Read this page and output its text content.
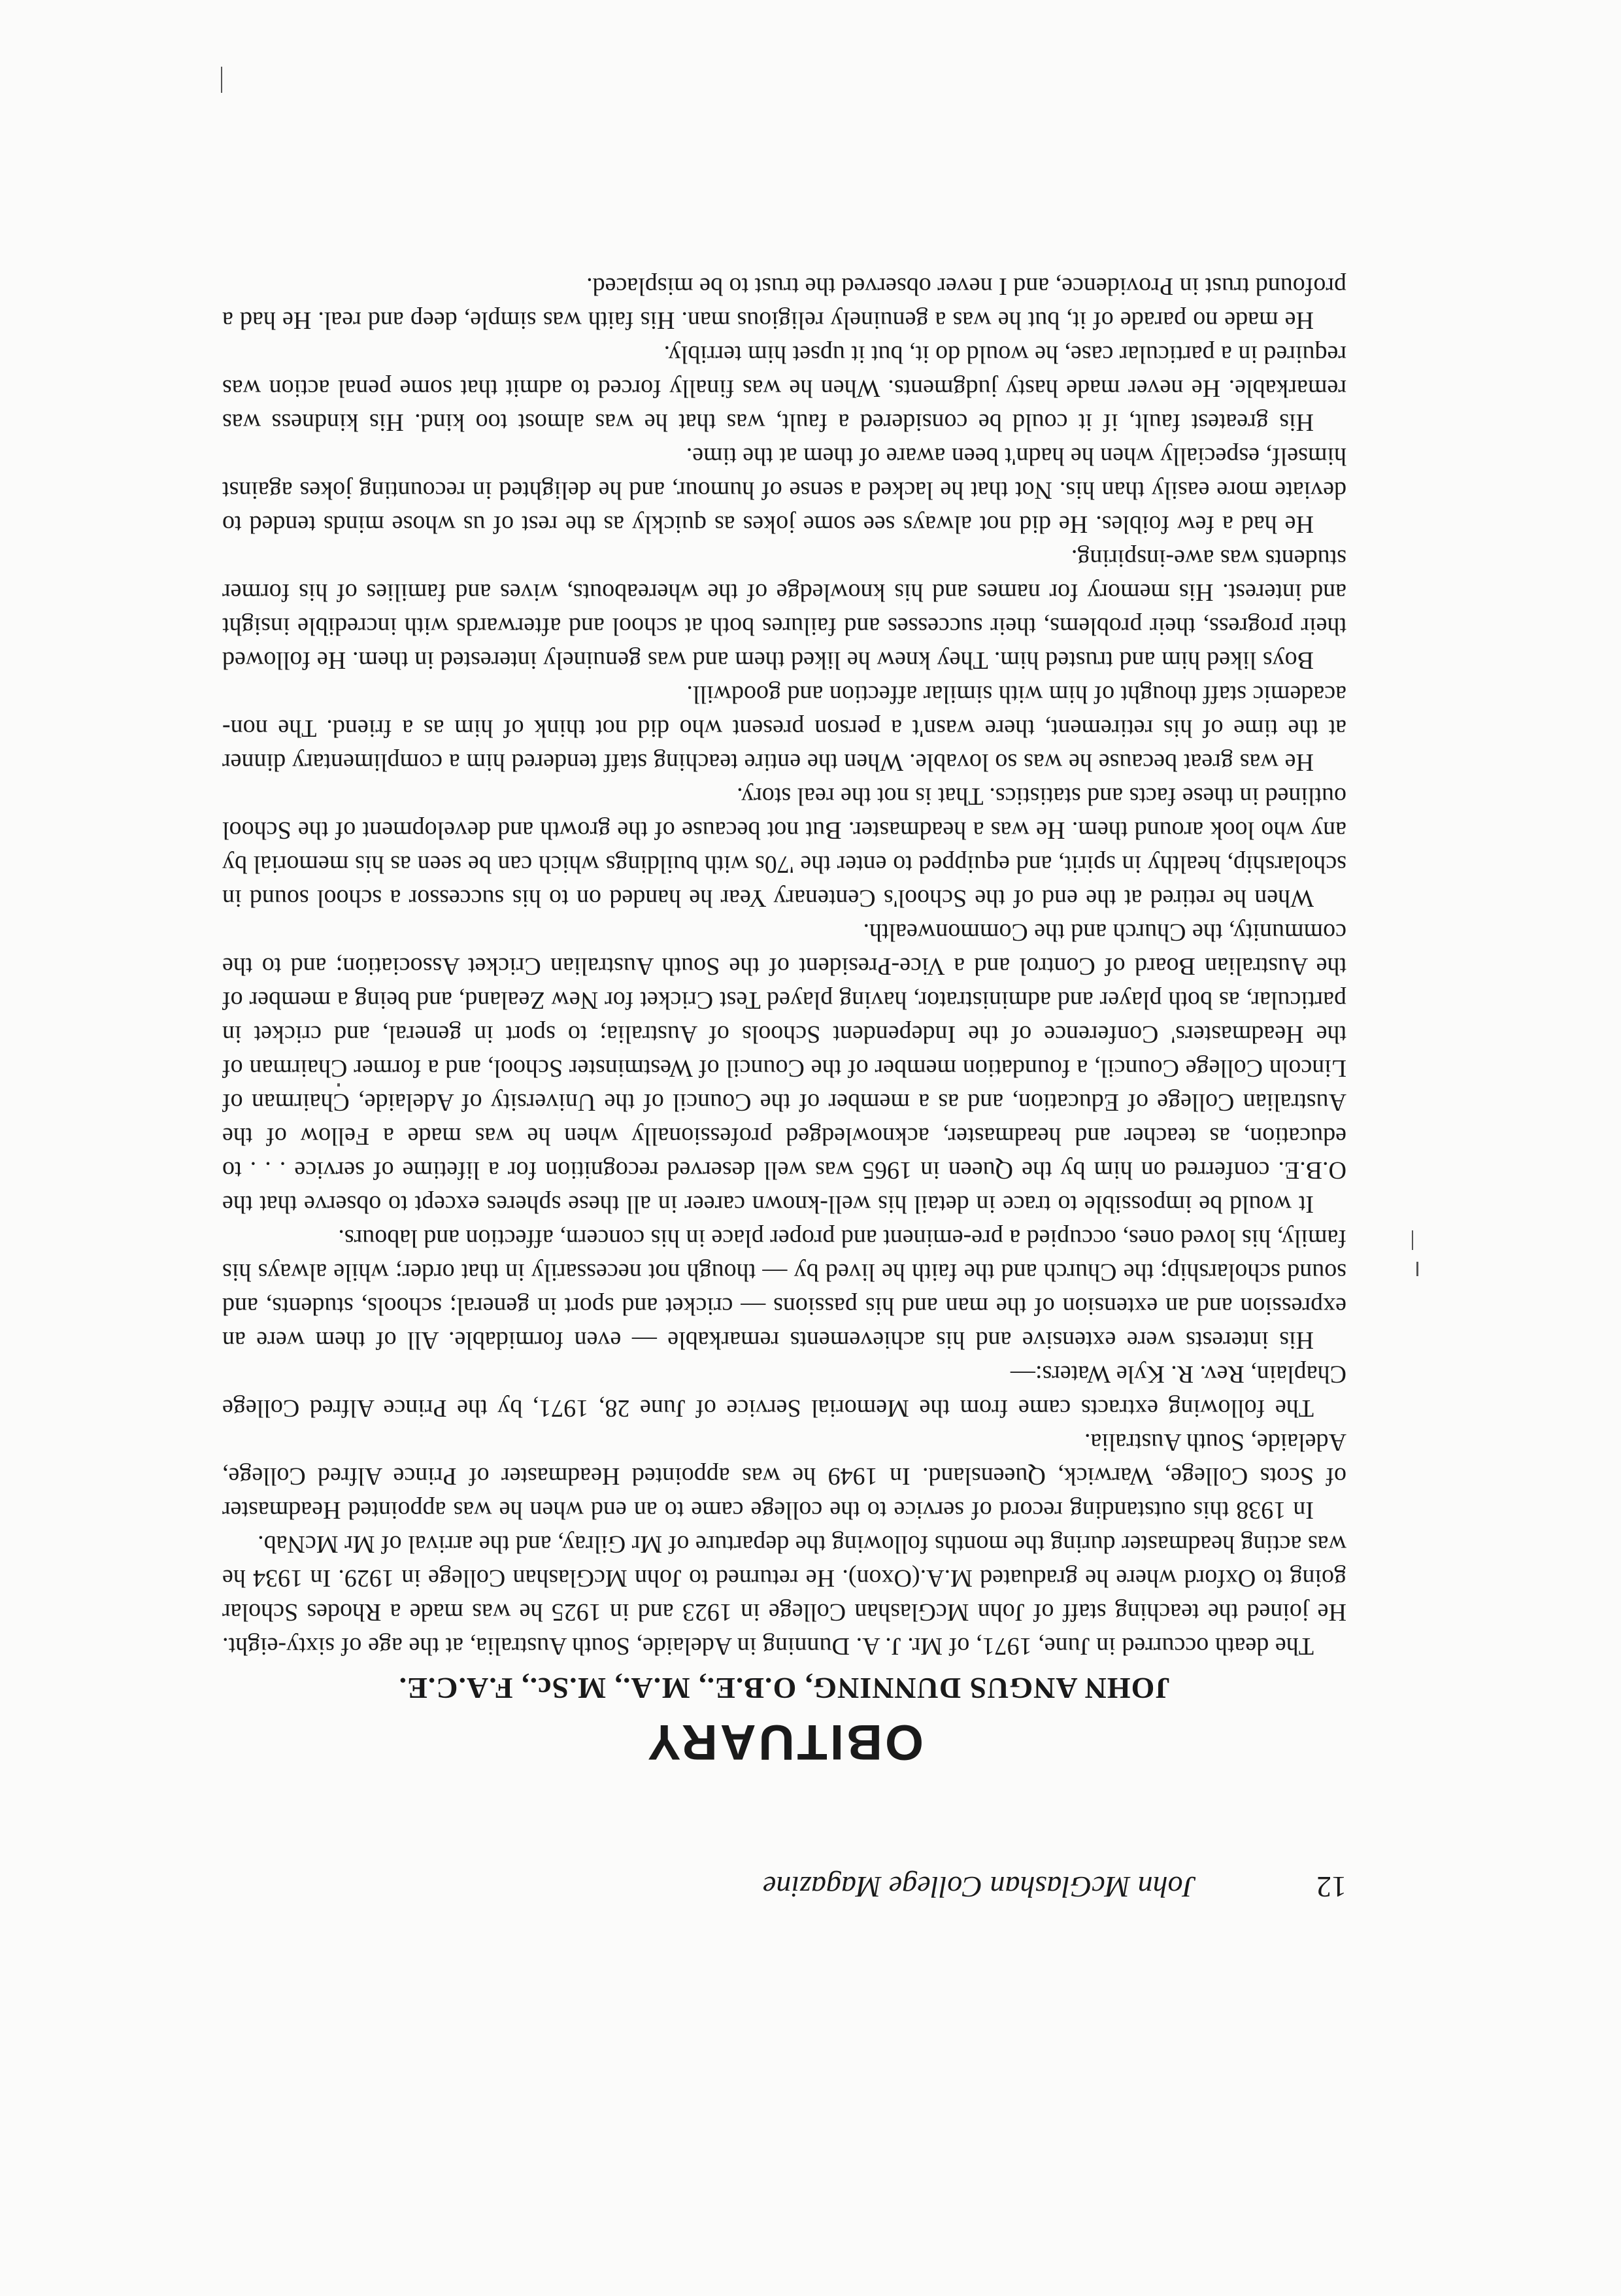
12
John McGlashan College Magazine
OBITUARY
JOHN ANGUS DUNNING, O.B.E., M.A., M.Sc., F.A.C.E.

The death occurred in June, 1971, of Mr. J. A. Dunning in Adelaide, South Australia, at the age of sixty-eight. He joined the teaching staff of John McGlashan College in 1923 and in 1925 he was made a Rhodes Scholar going to Oxford where he graduated M.A.(Oxon). He returned to John McGlashan College in 1929. In 1934 he was acting headmaster during the months following the departure of Mr Gilray, and the arrival of Mr McNab.

In 1938 this outstanding record of service to the college came to an end when he was appointed Headmaster of Scots College, Warwick, Queensland. In 1949 he was appointed Headmaster of Prince Alfred College, Adelaide, South Australia.

The following extracts came from the Memorial Service of June 28, 1971, by the Prince Alfred College Chaplain, Rev. R. Kyle Waters:—

His interests were extensive and his achievements remarkable — even formidable. All of them were an expression and an extension of the man and his passions — cricket and sport in general; schools, students, and sound scholarship; the Church and the faith he lived by — though not necessarily in that order; while always his family, his loved ones, occupied a pre-eminent and proper place in his concern, affection and labours.

It would be impossible to trace in detail his well-known career in all these spheres except to observe that the O.B.E. conferred on him by the Queen in 1965 was well deserved recognition for a lifetime of service . . . to education, as teacher and headmaster, acknowledged professionally when he was made a Fellow of the Australian College of Education, and as a member of the Council of the University of Adelaide, Chairman of Lincoln College Council, a foundation member of the Council of Westminster School, and a former Chairman of the Headmasters' Conference of the Independent Schools of Australia; to sport in general, and cricket in particular, as both player and administrator, having played Test Cricket for New Zealand, and being a member of the Australian Board of Control and a Vice-President of the South Australian Cricket Association; and to the community, the Church and the Commonwealth.

When he retired at the end of the School's Centenary Year he handed on to his successor a school sound in scholarship, healthy in spirit, and equipped to enter the '70s with buildings which can be seen as his memorial by any who look around them. He was a headmaster. But not because of the growth and development of the School outlined in these facts and statistics. That is not the real story.

He was great because he was so lovable. When the entire teaching staff tendered him a complimentary dinner at the time of his retirement, there wasn't a person present who did not think of him as a friend. The non-academic staff thought of him with similar affection and goodwill.

Boys liked him and trusted him. They knew he liked them and was genuinely interested in them. He followed their progress, their problems, their successes and failures both at school and afterwards with incredible insight and interest. His memory for names and his knowledge of the whereabouts, wives and families of his former students was awe-inspiring.

He had a few foibles. He did not always see some jokes as quickly as the rest of us whose minds tended to deviate more easily than his. Not that he lacked a sense of humour, and he delighted in recounting jokes against himself, especially when he hadn't been aware of them at the time.

His greatest fault, if it could be considered a fault, was that he was almost too kind. His kindness was remarkable. He never made hasty judgments. When he was finally forced to admit that some penal action was required in a particular case, he would do it, but it upset him terribly.

He made no parade of it, but he was a genuinely religious man. His faith was simple, deep and real. He had a profound trust in Providence, and I never observed the trust to be misplaced.
